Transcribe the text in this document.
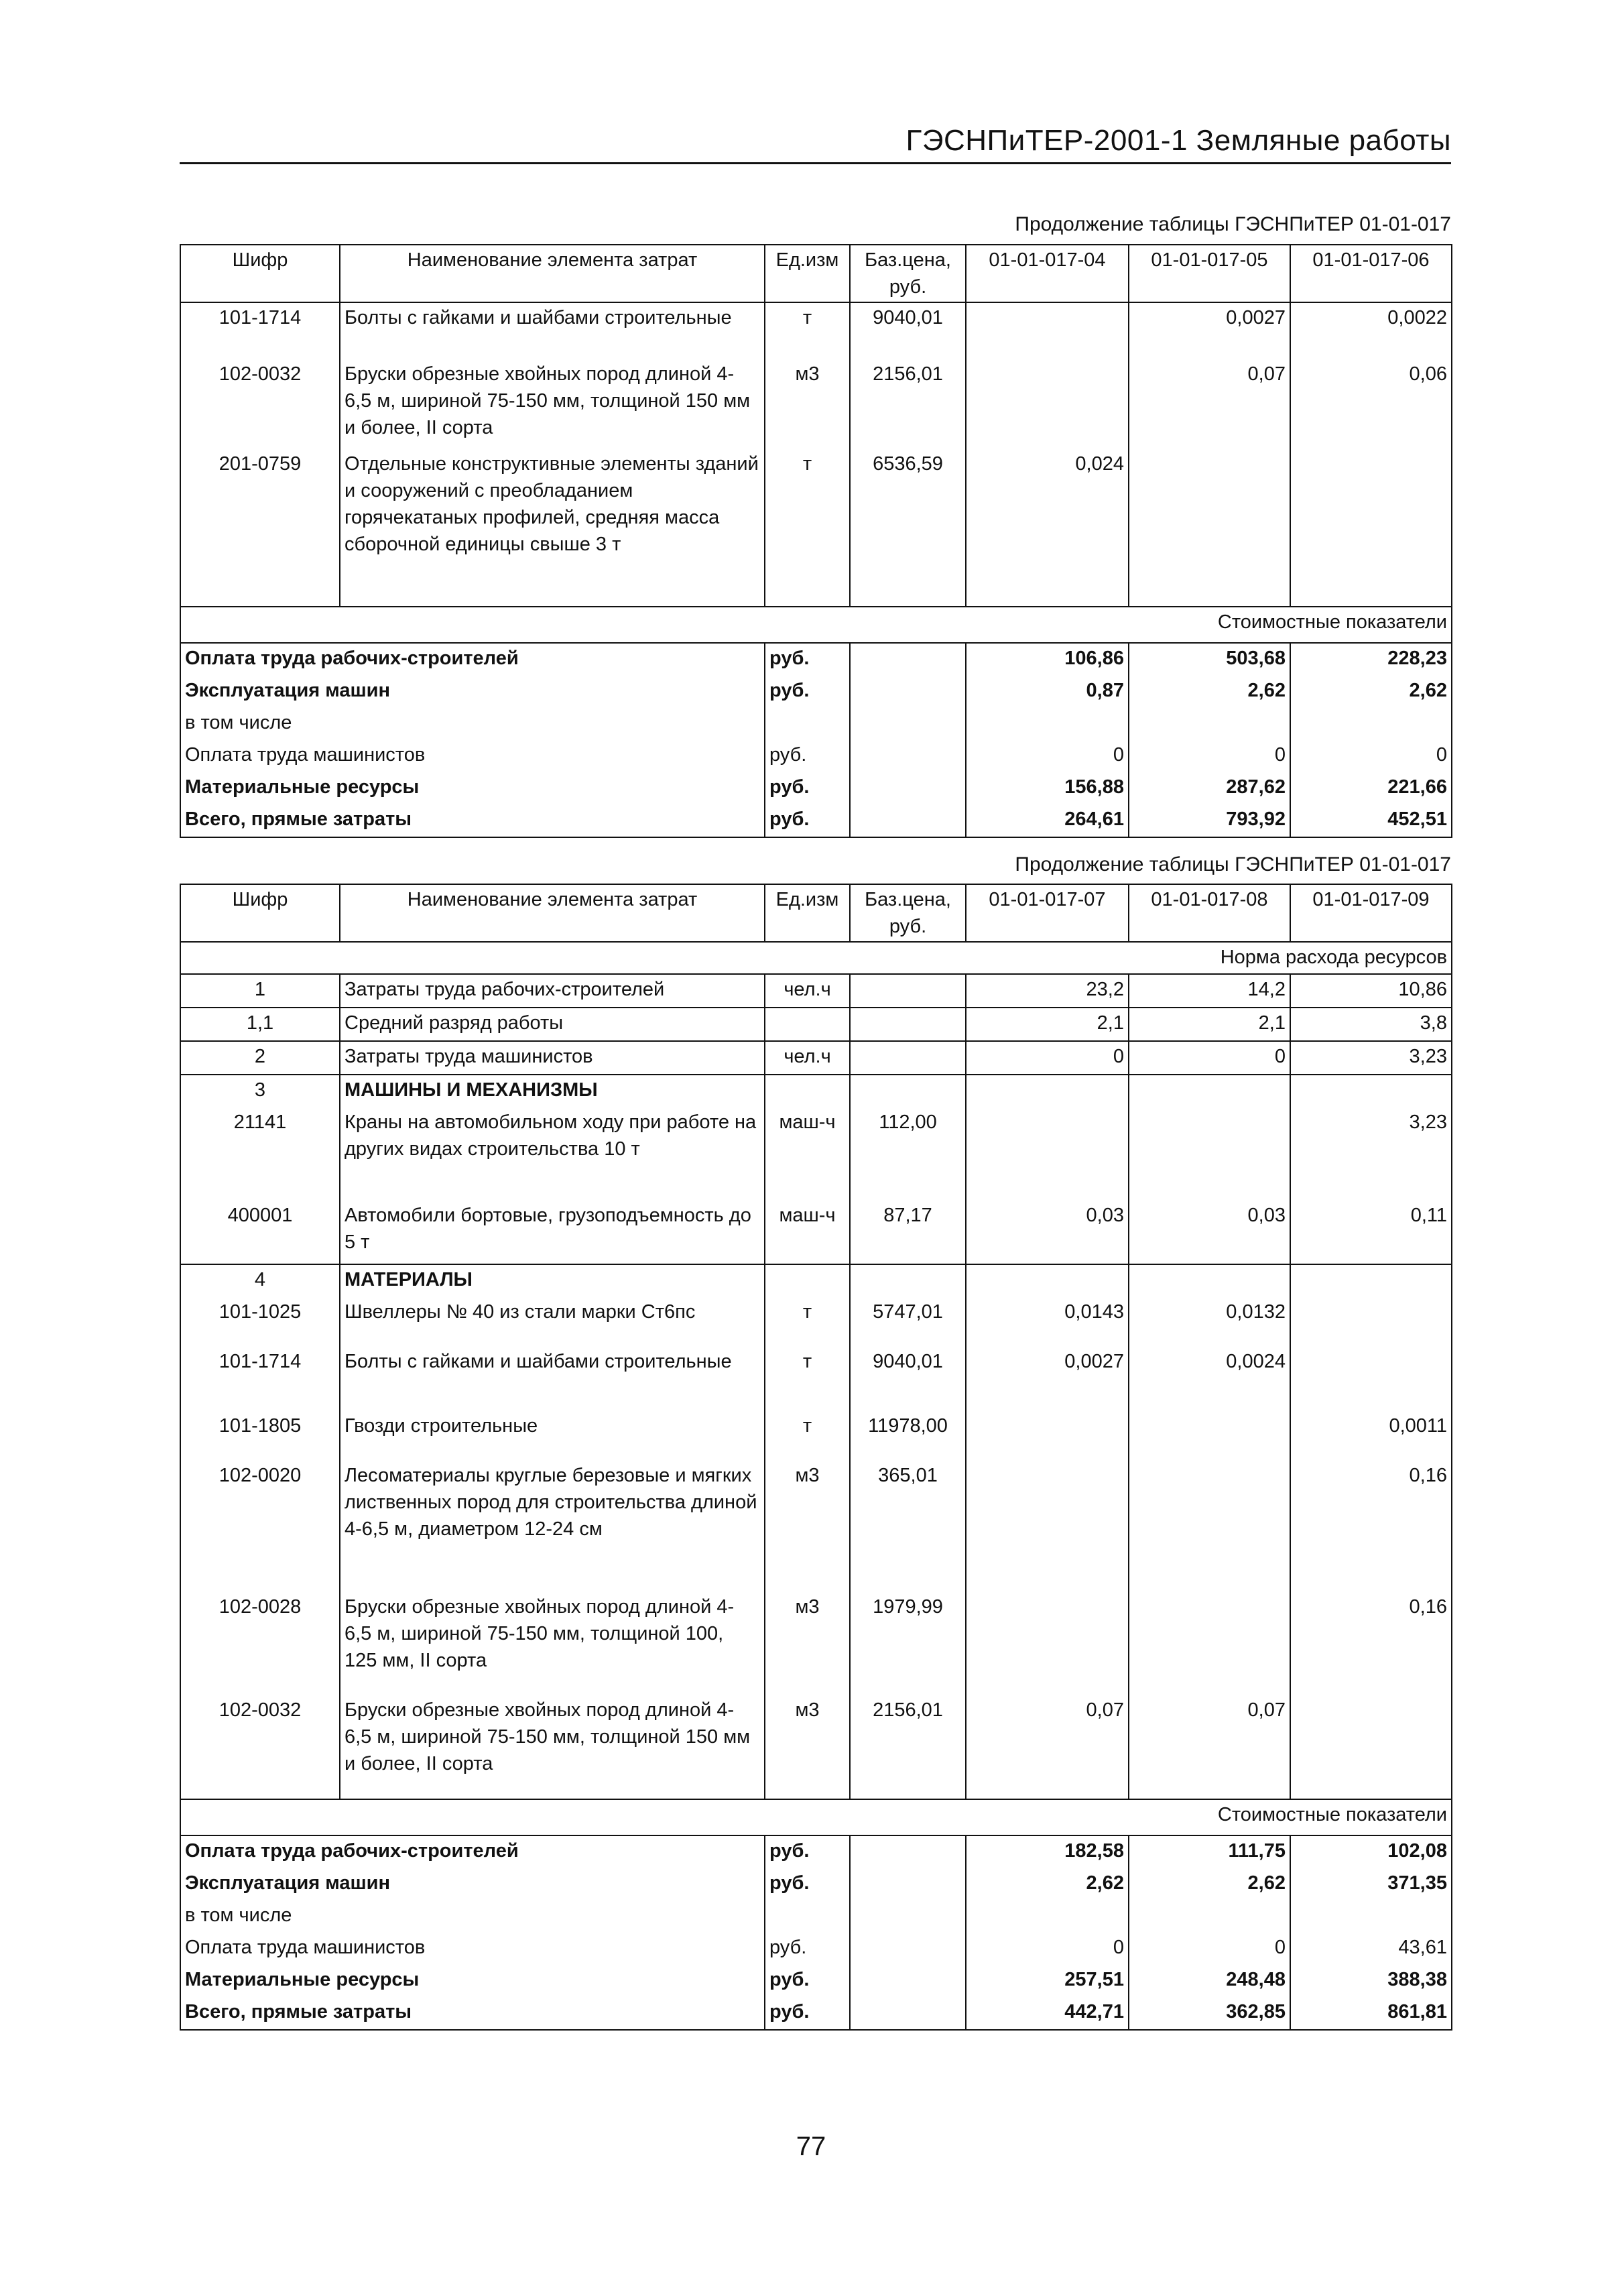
ГЭСНПиТЕР-2001-1 Земляные работы
Продолжение таблицы ГЭСНПиТЕР 01-01-017
Шифр	Наименование элемента затрат	Ед.изм	Баз.цена, руб.	01-01-017-04	01-01-017-05	01-01-017-06
101-1714	Болты с гайками и шайбами строительные	т	9040,01		0,0027	0,0022
102-0032	Бруски обрезные хвойных пород длиной 4-6,5 м, шириной 75-150 мм, толщиной 150 мм и более, II сорта	м3	2156,01		0,07	0,06
201-0759	Отдельные конструктивные элементы зданий и сооружений с преобладанием горячекатаных профилей, средняя масса сборочной единицы свыше 3 т	т	6536,59	0,024		
Стоимостные показатели						
Оплата труда рабочих-строителей		руб.		106,86	503,68	228,23
Эксплуатация машин		руб.		0,87	2,62	2,62
в том числе						
Оплата труда машинистов		руб.		0	0	0
Материальные ресурсы		руб.		156,88	287,62	221,66
Всего, прямые затраты		руб.		264,61	793,92	452,51
Продолжение таблицы ГЭСНПиТЕР 01-01-017
Шифр	Наименование элемента затрат	Ед.изм	Баз.цена, руб.	01-01-017-07	01-01-017-08	01-01-017-09
Норма расхода ресурсов						
1	Затраты труда рабочих-строителей	чел.ч		23,2	14,2	10,86
1,1	Средний разряд работы			2,1	2,1	3,8
2	Затраты труда машинистов	чел.ч		0	0	3,23
3	МАШИНЫ И МЕХАНИЗМЫ					
21141	Краны на автомобильном ходу при работе на других видах строительства 10 т	маш-ч	112,00			3,23
400001	Автомобили бортовые, грузоподъемность до 5 т	маш-ч	87,17	0,03	0,03	0,11
4	МАТЕРИАЛЫ					
101-1025	Швеллеры № 40 из стали марки Ст6пс	т	5747,01	0,0143	0,0132	
101-1714	Болты с гайками и шайбами строительные	т	9040,01	0,0027	0,0024	
101-1805	Гвозди строительные	т	11978,00			0,0011
102-0020	Лесоматериалы круглые березовые и мягких лиственных пород для строительства длиной 4-6,5 м, диаметром 12-24 см	м3	365,01			0,16
102-0028	Бруски обрезные хвойных пород длиной 4-6,5 м, шириной 75-150 мм, толщиной 100, 125 мм, II сорта	м3	1979,99			0,16
102-0032	Бруски обрезные хвойных пород длиной 4-6,5 м, шириной 75-150 мм, толщиной 150 мм и более, II сорта	м3	2156,01	0,07	0,07	
Стоимостные показатели						
Оплата труда рабочих-строителей		руб.		182,58	111,75	102,08
Эксплуатация машин		руб.		2,62	2,62	371,35
в том числе						
Оплата труда машинистов		руб.		0	0	43,61
Материальные ресурсы		руб.		257,51	248,48	388,38
Всего, прямые затраты		руб.		442,71	362,85	861,81
77
